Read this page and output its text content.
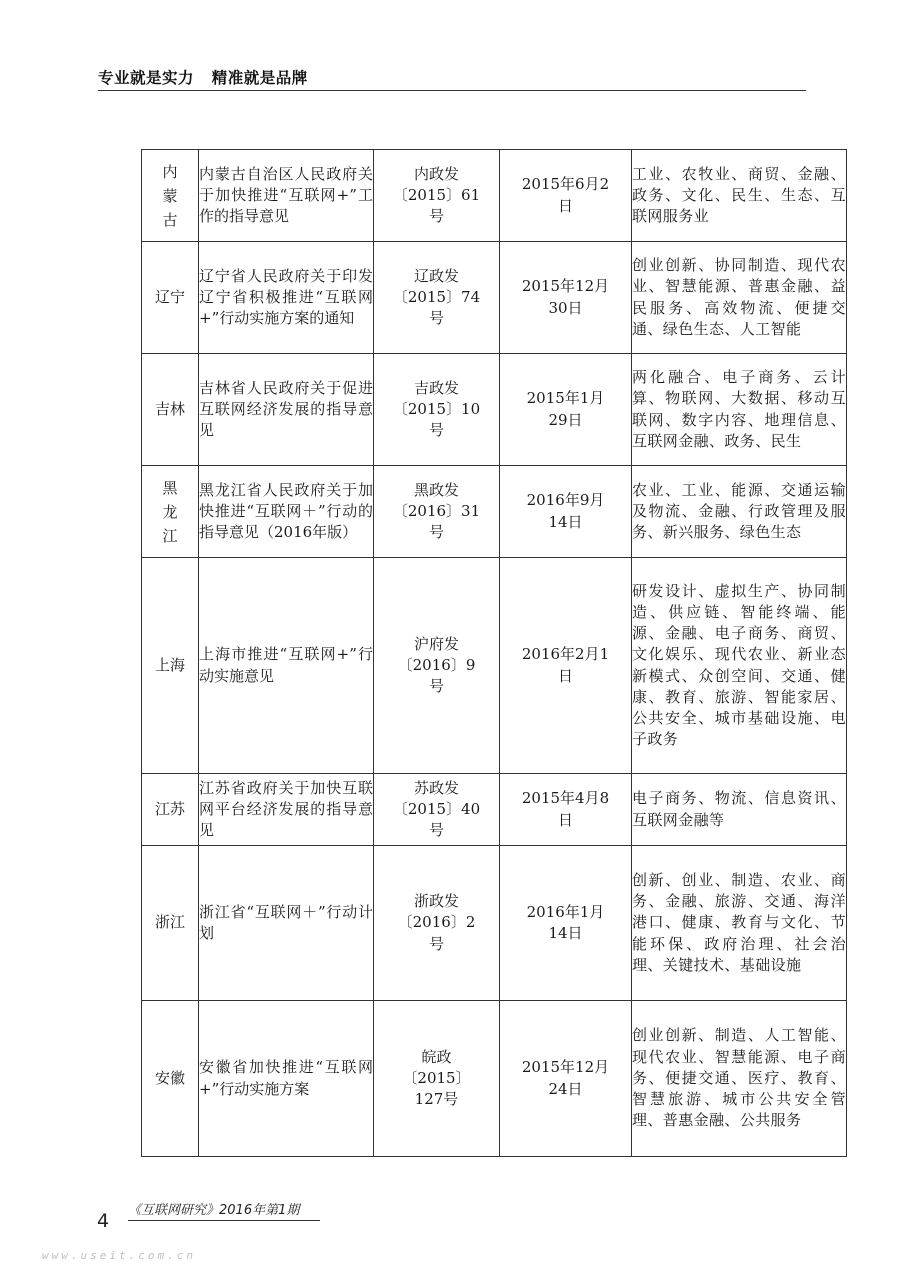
专业就是实力   精准就是品牌
内蒙古	内蒙古自治区人民政府关于加快推进“互联网+”工作的指导意见	内政发〔2015〕61号	2015年6月2日	工业、农牧业、商贸、金融、政务、文化、民生、生态、互联网服务业
辽宁	辽宁省人民政府关于印发辽宁省积极推进“互联网+”行动实施方案的通知	辽政发〔2015〕74号	2015年12月30日	创业创新、协同制造、现代农业、智慧能源、普惠金融、益民服务、高效物流、便捷交通、绿色生态、人工智能
吉林	吉林省人民政府关于促进互联网经济发展的指导意见	吉政发〔2015〕10号	2015年1月29日	两化融合、电子商务、云计算、物联网、大数据、移动互联网、数字内容、地理信息、互联网金融、政务、民生
黑龙江	黑龙江省人民政府关于加快推进“互联网＋”行动的指导意见（2016年版）	黑政发〔2016〕31号	2016年9月14日	农业、工业、能源、交通运输及物流、金融、行政管理及服务、新兴服务、绿色生态
上海	上海市推进“互联网+”行动实施意见	沪府发〔2016〕9号	2016年2月1日	研发设计、虚拟生产、协同制造、供应链、智能终端、能源、金融、电子商务、商贸、文化娱乐、现代农业、新业态新模式、众创空间、交通、健康、教育、旅游、智能家居、公共安全、城市基础设施、电子政务
江苏	江苏省政府关于加快互联网平台经济发展的指导意见	苏政发〔2015〕40号	2015年4月8日	电子商务、物流、信息资讯、互联网金融等
浙江	浙江省“互联网＋”行动计划	浙政发〔2016〕2号	2016年1月14日	创新、创业、制造、农业、商务、金融、旅游、交通、海洋港口、健康、教育与文化、节能环保、政府治理、社会治理、关键技术、基础设施
安徽	安徽省加快推进“互联网+”行动实施方案	皖政〔2015〕127号	2015年12月24日	创业创新、制造、人工智能、现代农业、智慧能源、电子商务、便捷交通、医疗、教育、智慧旅游、城市公共安全管理、普惠金融、公共服务
4 《互联网研究》2016年第1期
www.useit.com.cn
